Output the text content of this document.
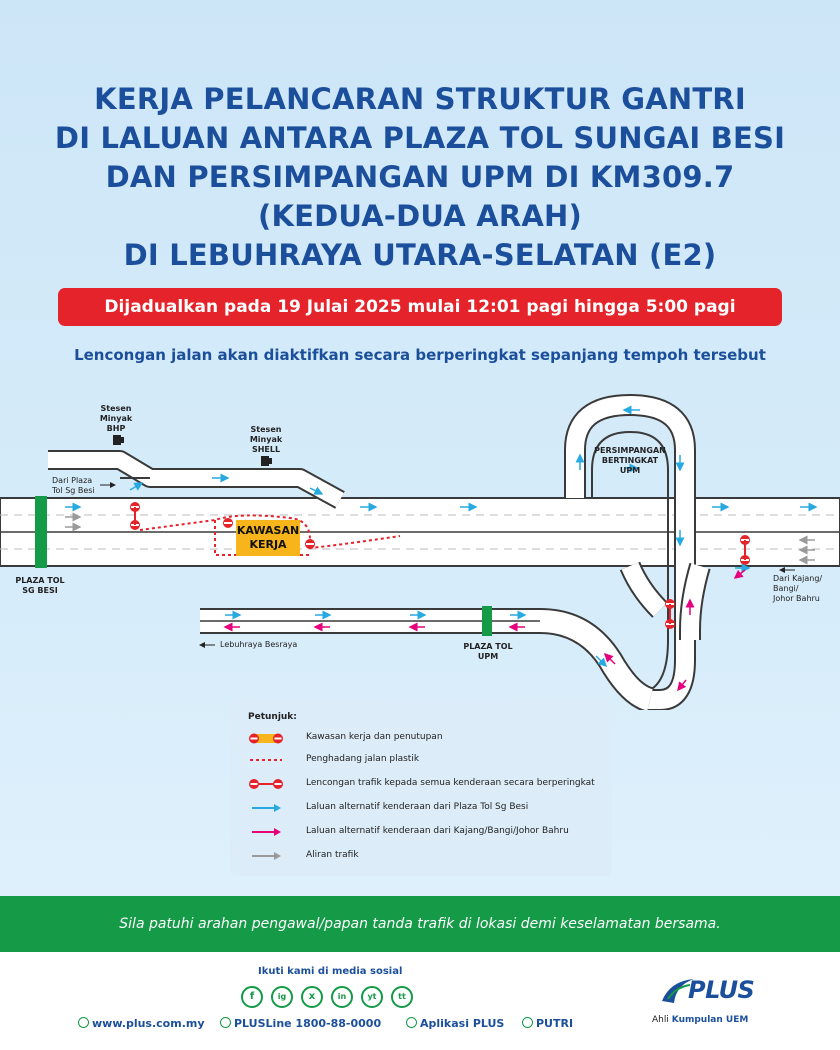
KERJA PELANCARAN STRUKTUR GANTRI
DI LALUAN ANTARA PLAZA TOL SUNGAI BESI
DAN PERSIMPANGAN UPM DI KM309.7
(KEDUA-DUA ARAH)
DI LEBUHRAYA UTARA-SELATAN (E2)
Dijadualkan pada 19 Julai 2025 mulai 12:01 pagi hingga 5:00 pagi
Lencongan jalan akan diaktifkan secara berperingkat sepanjang tempoh tersebut
Stesen
Minyak
BHP	Stesen
Minyak
SHELL
Dari Plaza
Tol Sg Besi
PLAZA TOL
SG BESI
KAWASAN
KERJA
PERSIMPANGAN
BERTINGKAT
UPM
Dari Kajang/
Bangi/
Johor Bahru
Lebuhraya Besraya	PLAZA TOL
UPM
Petunjuk:
Kawasan kerja dan penutupan
Penghadang jalan plastik
Lencongan trafik kepada semua kenderaan secara berperingkat
Laluan alternatif kenderaan dari Plaza Tol Sg Besi
Laluan alternatif kenderaan dari Kajang/Bangi/Johor Bahru
Aliran trafik
Sila patuhi arahan pengawal/papan tanda trafik di lokasi demi keselamatan bersama.
Ikuti kami di media sosial
f	ig	x	in	yt	tt
www.plus.com.my	PLUSLine 1800-88-0000	Aplikasi PLUS	PUTRI
PLUS
Ahli Kumpulan UEM
